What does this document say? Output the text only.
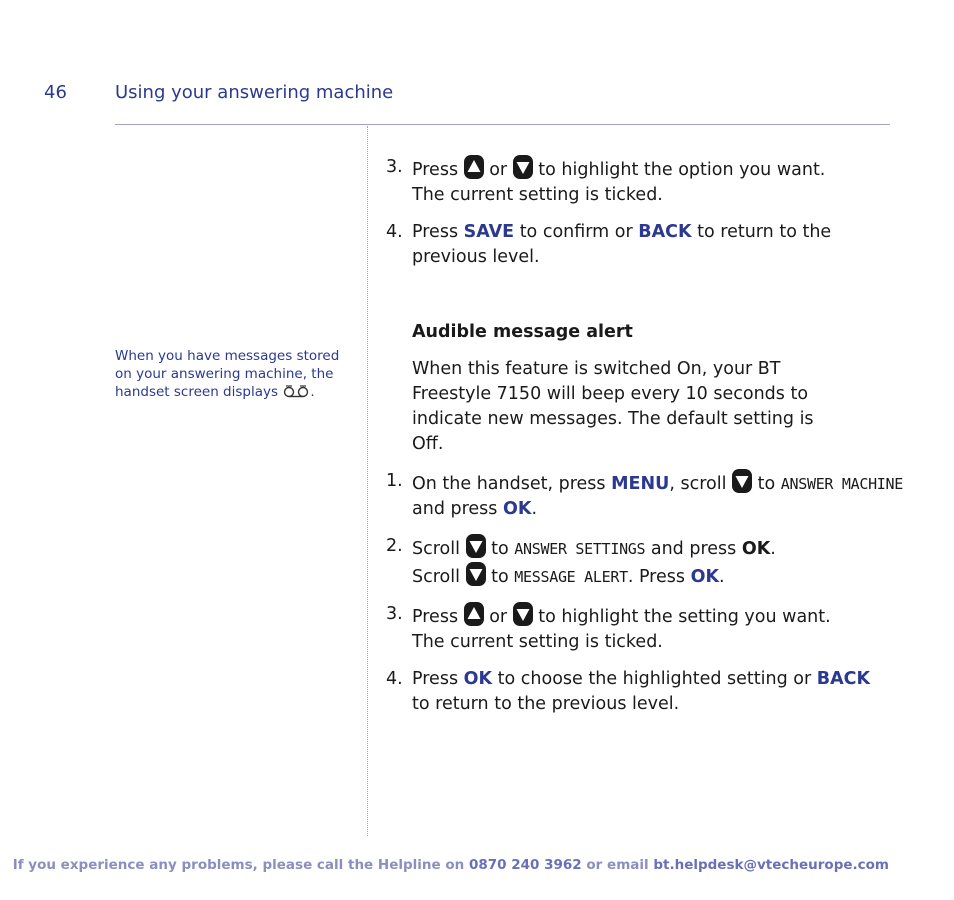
46	Using your answering machine
When you have messages stored on your answering machine, the handset screen displays .
3. Press or to highlight the option you want.
The current setting is ticked.
4. Press SAVE to confirm or BACK to return to the
previous level.
Audible message alert
When this feature is switched On, your BT Freestyle 7150 will beep every 10 seconds to indicate new messages. The default setting is Off.
1. On the handset, press MENU, scroll to ANSWER MACHINE
and press OK.
2. Scroll to ANSWER SETTINGS and press OK.
Scroll to MESSAGE ALERT. Press OK.
3. Press or to highlight the setting you want.
The current setting is ticked.
4. Press OK to choose the highlighted setting or BACK
to return to the previous level.
If you experience any problems, please call the Helpline on 0870 240 3962 or email bt.helpdesk@vtecheurope.com
